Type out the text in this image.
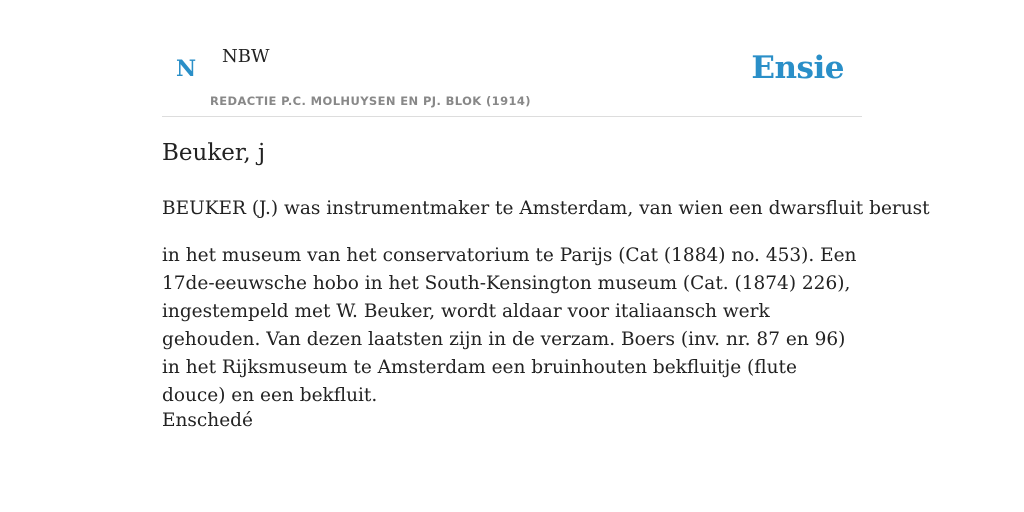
N NBW
REDACTIE P.C. MOLHUYSEN EN PJ. BLOK (1914)
Ensie
Beuker, j

BEUKER (J.) was instrumentmaker te Amsterdam, van wien een dwarsfluit berust

in het museum van het conservatorium te Parijs (Cat (1884) no. 453). Een 17de-eeuwsche hobo in het South-Kensington museum (Cat. (1874) 226), ingestempeld met W. Beuker, wordt aldaar voor italiaansch werk gehouden. Van dezen laatsten zijn in de verzam. Boers (inv. nr. 87 en 96) in het Rijksmuseum te Amsterdam een bruinhouten bekfluitje (flute douce) en een bekfluit.

Enschedé
